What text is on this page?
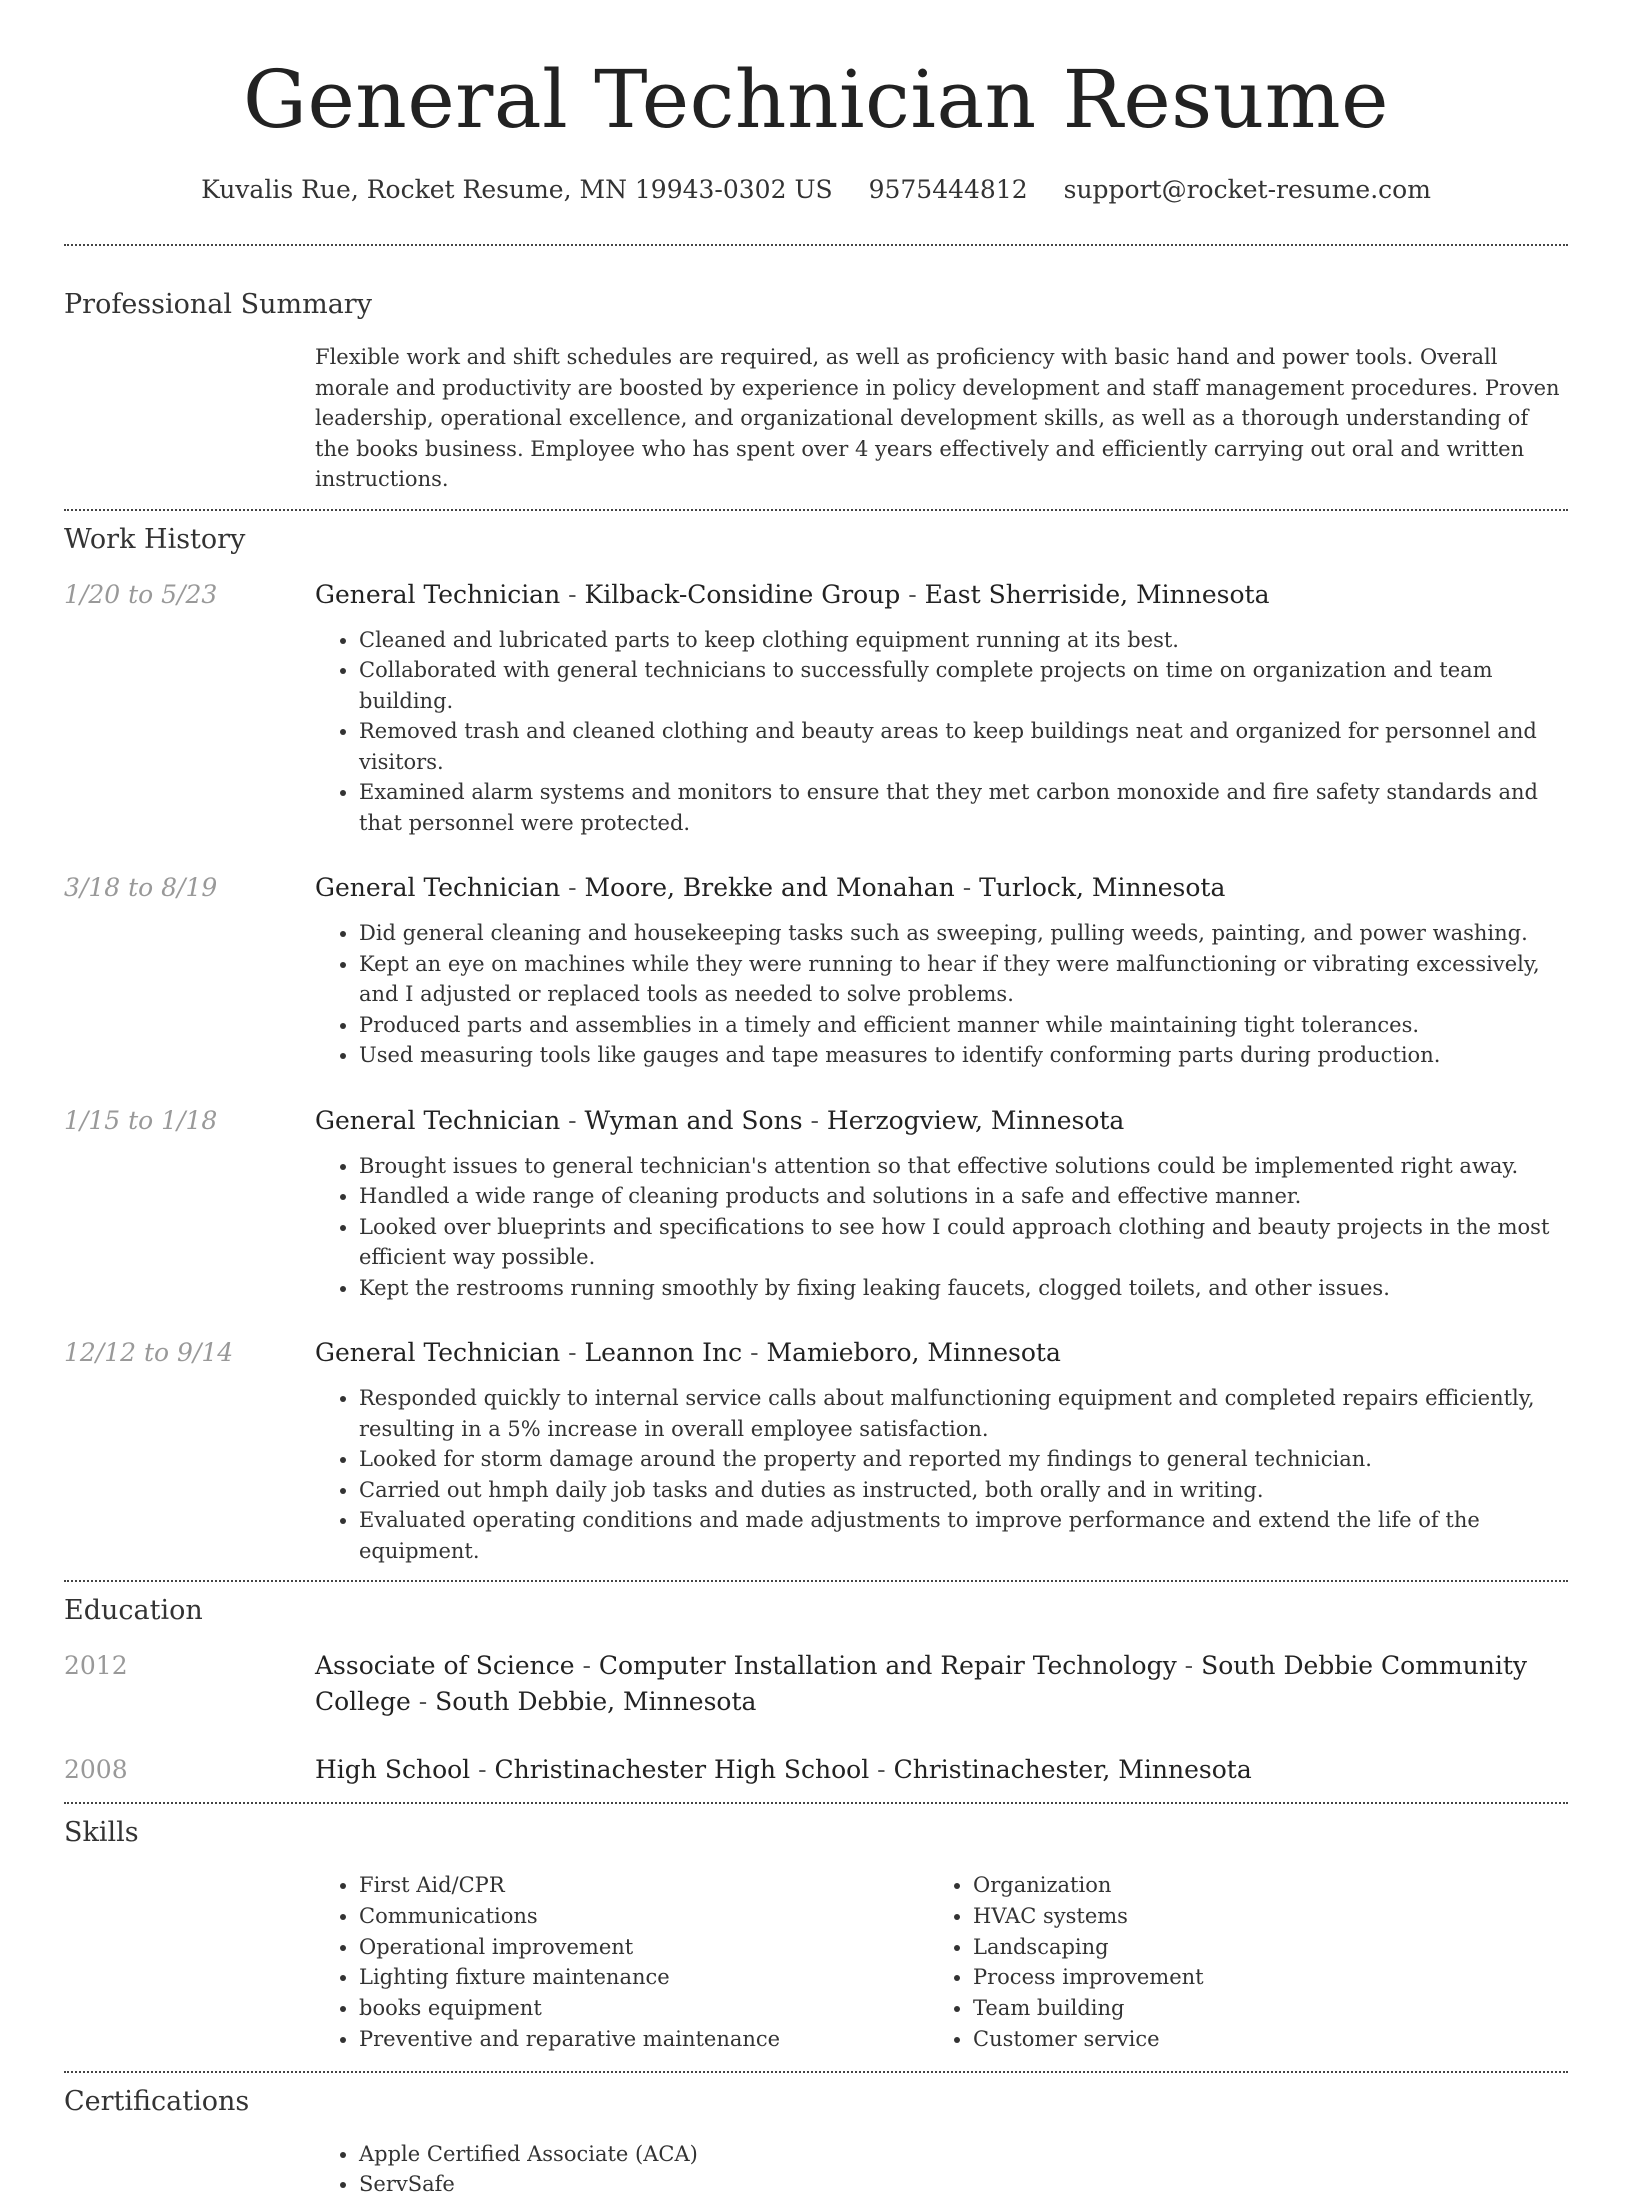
General Technician Resume
Kuvalis Rue, Rocket Resume, MN 19943-0302 US 9575444812 support@rocket-resume.com
Professional Summary
Flexible work and shift schedules are required, as well as proficiency with basic hand and power tools. Overall morale and productivity are boosted by experience in policy development and staff management procedures. Proven leadership, operational excellence, and organizational development skills, as well as a thorough understanding of the books business. Employee who has spent over 4 years effectively and efficiently carrying out oral and written instructions.
Work History
1/20 to 5/23	General Technician - Kilback-Considine Group - East Sherriside, Minnesota
• Cleaned and lubricated parts to keep clothing equipment running at its best.
• Collaborated with general technicians to successfully complete projects on time on organization and team building.
• Removed trash and cleaned clothing and beauty areas to keep buildings neat and organized for personnel and visitors.
• Examined alarm systems and monitors to ensure that they met carbon monoxide and fire safety standards and that personnel were protected.
3/18 to 8/19	General Technician - Moore, Brekke and Monahan - Turlock, Minnesota
• Did general cleaning and housekeeping tasks such as sweeping, pulling weeds, painting, and power washing.
• Kept an eye on machines while they were running to hear if they were malfunctioning or vibrating excessively, and I adjusted or replaced tools as needed to solve problems.
• Produced parts and assemblies in a timely and efficient manner while maintaining tight tolerances.
• Used measuring tools like gauges and tape measures to identify conforming parts during production.
1/15 to 1/18	General Technician - Wyman and Sons - Herzogview, Minnesota
• Brought issues to general technician's attention so that effective solutions could be implemented right away.
• Handled a wide range of cleaning products and solutions in a safe and effective manner.
• Looked over blueprints and specifications to see how I could approach clothing and beauty projects in the most efficient way possible.
• Kept the restrooms running smoothly by fixing leaking faucets, clogged toilets, and other issues.
12/12 to 9/14	General Technician - Leannon Inc - Mamieboro, Minnesota
• Responded quickly to internal service calls about malfunctioning equipment and completed repairs efficiently, resulting in a 5% increase in overall employee satisfaction.
• Looked for storm damage around the property and reported my findings to general technician.
• Carried out hmph daily job tasks and duties as instructed, both orally and in writing.
• Evaluated operating conditions and made adjustments to improve performance and extend the life of the equipment.
Education
2012	Associate of Science - Computer Installation and Repair Technology - South Debbie Community College - South Debbie, Minnesota
2008	High School - Christinachester High School - Christinachester, Minnesota
Skills
• First Aid/CPR
• Communications
• Operational improvement
• Lighting fixture maintenance
• books equipment
• Preventive and reparative maintenance
• Organization
• HVAC systems
• Landscaping
• Process improvement
• Team building
• Customer service
Certifications
• Apple Certified Associate (ACA)
• ServSafe
